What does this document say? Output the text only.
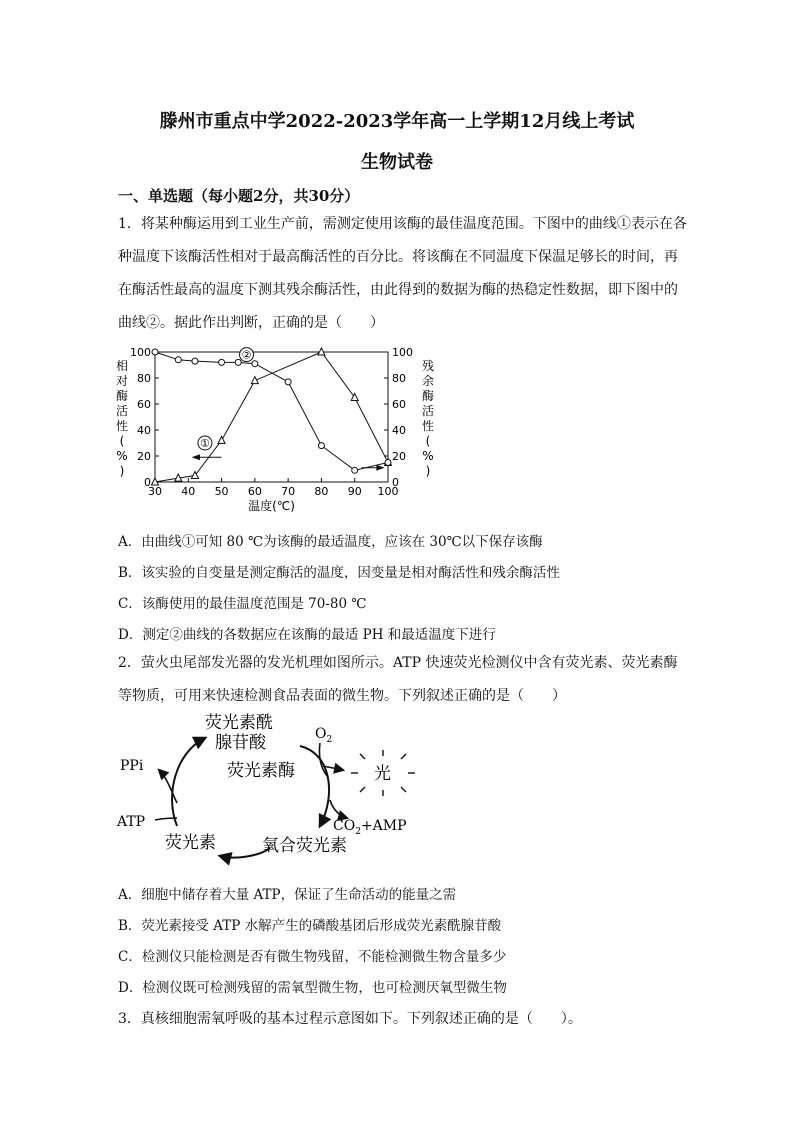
滕州市重点中学2022-2023学年高一上学期12月线上考试
生物试卷
一、单选题（每小题2分，共30分）
1．将某种酶运用到工业生产前，需测定使用该酶的最佳温度范围。下图中的曲线①表示在各种温度下该酶活性相对于最高酶活性的百分比。将该酶在不同温度下保温足够长的时间，再在酶活性最高的温度下测其残余酶活性，由此得到的数据为酶的热稳定性数据，即下图中的曲线②。据此作出判断，正确的是（　　）
30 40 50 60 70 80 90 100
0	0
20	20
40	40
60	60
80	80
100	100
温度(℃)
相对酶活性( % )
残余酶活性( % )
②
①
A．由曲线①可知 80 ℃为该酶的最适温度，应该在 30℃以下保存该酶
B．该实验的自变量是测定酶活的温度，因变量是相对酶活性和残余酶活性
C．该酶使用的最佳温度范围是 70-80 ℃
D．测定②曲线的各数据应在该酶的最适 PH 和最适温度下进行
2．萤火虫尾部发光器的发光机理如图所示。ATP 快速荧光检测仪中含有荧光素、荧光素酶等物质，可用来快速检测食品表面的微生物。下列叙述正确的是（　　）
荧光素酰
腺苷酸
荧光素酶
$O_2$
光
PPi
ATP	$CO_2+AMP$
荧光素	氧合荧光素
A．细胞中储存着大量 ATP，保证了生命活动的能量之需
B．荧光素接受 ATP 水解产生的磷酸基团后形成荧光素酰腺苷酸
C．检测仪只能检测是否有微生物残留，不能检测微生物含量多少
D．检测仪既可检测残留的需氧型微生物，也可检测厌氧型微生物
3．真核细胞需氧呼吸的基本过程示意图如下。下列叙述正确的是（　　）。
